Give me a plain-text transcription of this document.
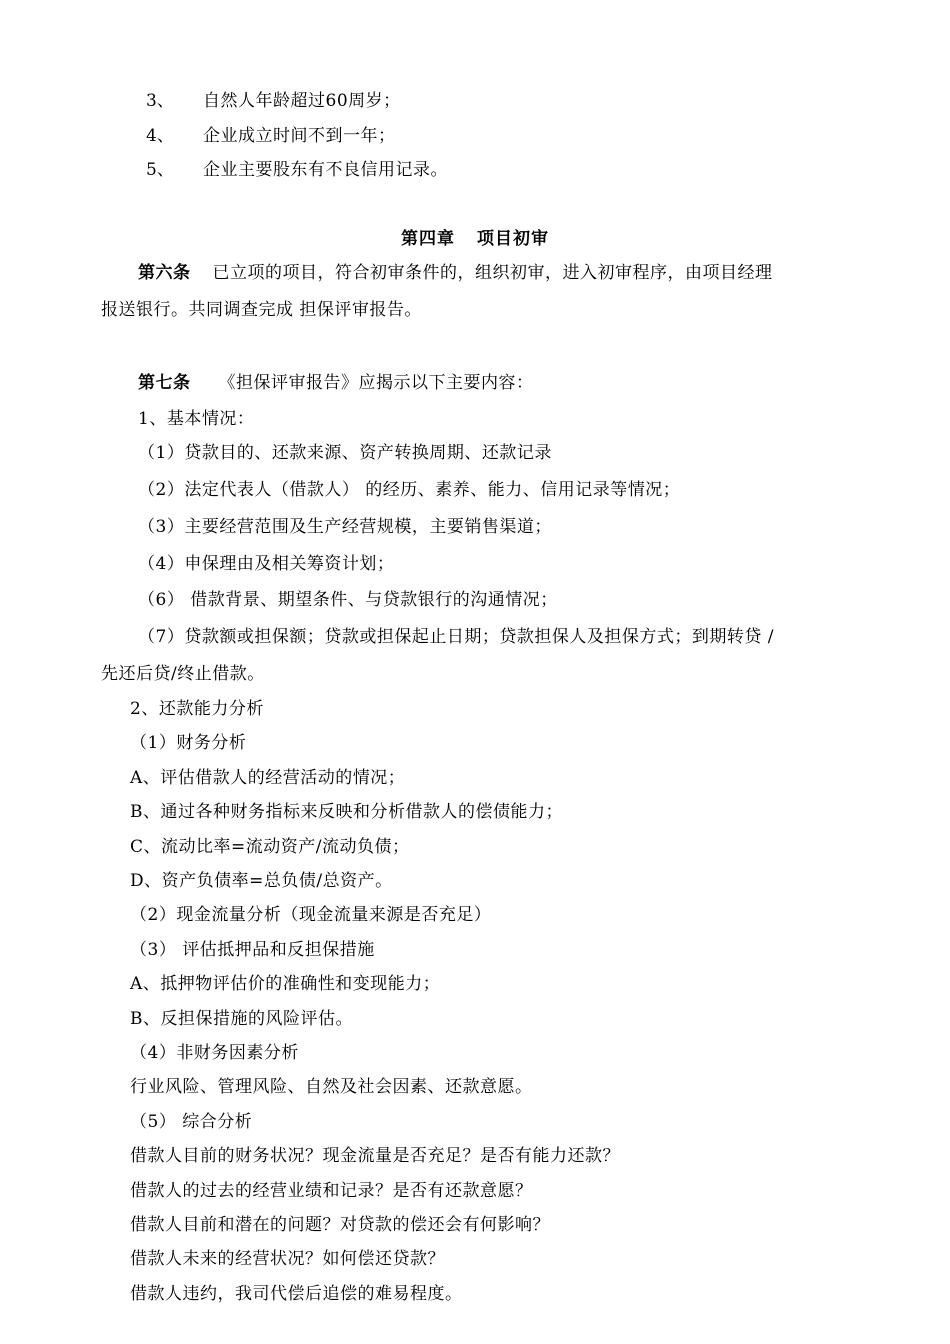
3、 自然人年龄超过60周岁；
4、 企业成立时间不到一年；
5、 企业主要股东有不良信用记录。
第四章 项目初审
第六条 已立项的项目，符合初审条件的，组织初审，进入初审程序，由项目经理
报送银行。共同调查完成 担保评审报告。
第七条 《担保评审报告》应揭示以下主要内容：
1、基本情况：
（1）贷款目的、还款来源、资产转换周期、还款记录
（2）法定代表人（借款人） 的经历、素养、能力、信用记录等情况；
（3）主要经营范围及生产经营规模，主要销售渠道；
（4）申保理由及相关筹资计划；
（6） 借款背景、期望条件、与贷款银行的沟通情况；
（7）贷款额或担保额；贷款或担保起止日期；贷款担保人及担保方式；到期转贷 /
先还后贷/终止借款。
2、还款能力分析
（1）财务分析
A、评估借款人的经营活动的情况；
B、通过各种财务指标来反映和分析借款人的偿债能力；
C、流动比率=流动资产/流动负债；
D、资产负债率=总负债/总资产。
（2）现金流量分析（现金流量来源是否充足）
（3） 评估抵押品和反担保措施
A、抵押物评估价的准确性和变现能力；
B、反担保措施的风险评估。
（4）非财务因素分析
行业风险、管理风险、自然及社会因素、还款意愿。
（5） 综合分析
借款人目前的财务状况？现金流量是否充足？是否有能力还款？
借款人的过去的经营业绩和记录？是否有还款意愿？
借款人目前和潜在的问题？对贷款的偿还会有何影响？
借款人未来的经营状况？如何偿还贷款？
借款人违约，我司代偿后追偿的难易程度。
